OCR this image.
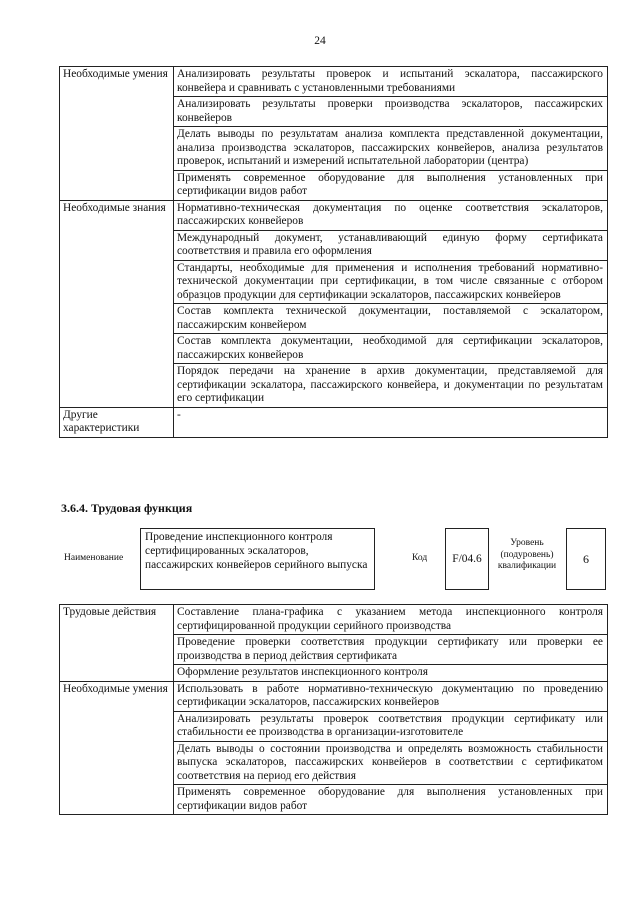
24
Необходимые умения	Анализировать результаты проверок и испытаний эскалатора, пассажирского конвейера и сравнивать с установленными требованиями
	Анализировать результаты проверки производства эскалаторов, пассажирских конвейеров
	Делать выводы по результатам анализа комплекта представленной документации, анализа производства эскалаторов, пассажирских конвейеров, анализа результатов проверок, испытаний и измерений испытательной лаборатории (центра)
	Применять современное оборудование для выполнения установленных при сертификации видов работ
Необходимые знания	Нормативно-техническая документация по оценке соответствия эскалаторов, пассажирских конвейеров
	Международный документ, устанавливающий единую форму сертификата соответствия и правила его оформления
	Стандарты, необходимые для применения и исполнения требований нормативно-технической документации при сертификации, в том числе связанные с отбором образцов продукции для сертификации эскалаторов, пассажирских конвейеров
	Состав комплекта технической документации, поставляемой с эскалатором, пассажирским конвейером
	Состав комплекта документации, необходимой для сертификации эскалаторов, пассажирских конвейеров
	Порядок передачи на хранение в архив документации, представляемой для сертификации эскалатора, пассажирского конвейера, и документации по результатам его сертификации
Другие характеристики	-
3.6.4. Трудовая функция
Наименование
Проведение инспекционного контроля сертифицированных эскалаторов, пассажирских конвейеров серийного выпуска
Код	F/04.6
Уровень (подуровень) квалификации
6
Трудовые действия	Составление плана-графика с указанием метода инспекционного контроля сертифицированной продукции серийного производства
	Проведение проверки соответствия продукции сертификату или проверки ее производства в период действия сертификата
	Оформление результатов инспекционного контроля
Необходимые умения	Использовать в работе нормативно-техническую документацию по проведению сертификации эскалаторов, пассажирских конвейеров
	Анализировать результаты проверок соответствия продукции сертификату или стабильности ее производства в организации-изготовителе
	Делать выводы о состоянии производства и определять возможность стабильности выпуска эскалаторов, пассажирских конвейеров в соответствии с сертификатом соответствия на период его действия
	Применять современное оборудование для выполнения установленных при сертификации видов работ
